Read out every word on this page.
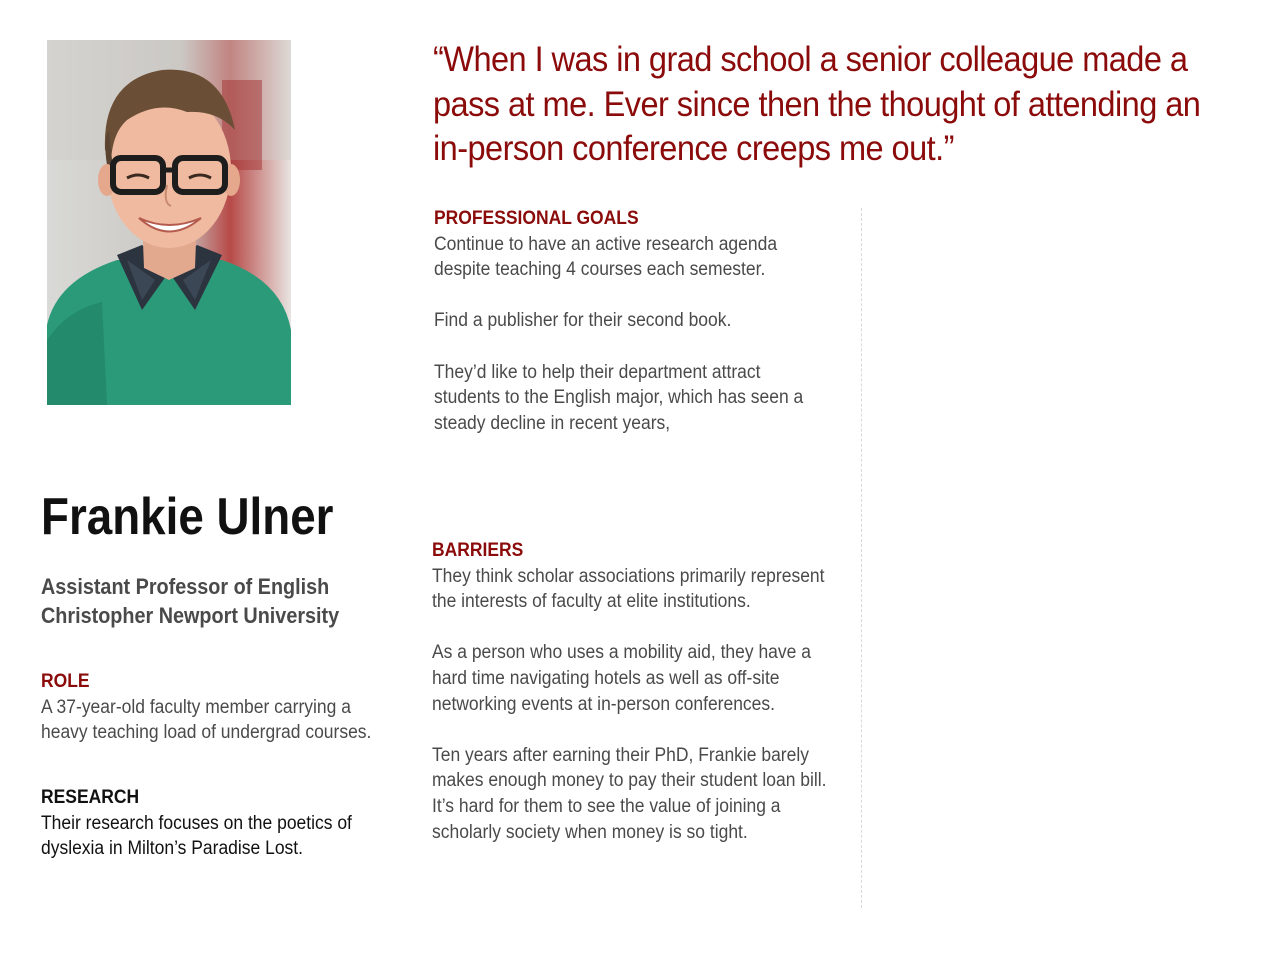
“When I was in grad school a senior colleague made a pass at me. Ever since then the thought of attending an in-person conference creeps me out.”

PROFESSIONAL GOALS

Continue to have an active research agenda despite teaching 4 courses each semester.

Find a publisher for their second book.

They’d like to help their department attract students to the English major, which has seen a steady decline in recent years,

BARRIERS

They think scholar associations primarily represent the interests of faculty at elite institutions.

As a person who uses a mobility aid, they have a hard time navigating hotels as well as off-site networking events at in-person conferences.

Ten years after earning their PhD, Frankie barely makes enough money to pay their student loan bill. It’s hard for them to see the value of joining a scholarly society when money is so tight.

Frankie Ulner
Assistant Professor of English
Christopher Newport University
ROLE

A 37-year-old faculty member carrying a heavy teaching load of undergrad courses.

RESEARCH

Their research focuses on the poetics of dyslexia in Milton’s Paradise Lost.
